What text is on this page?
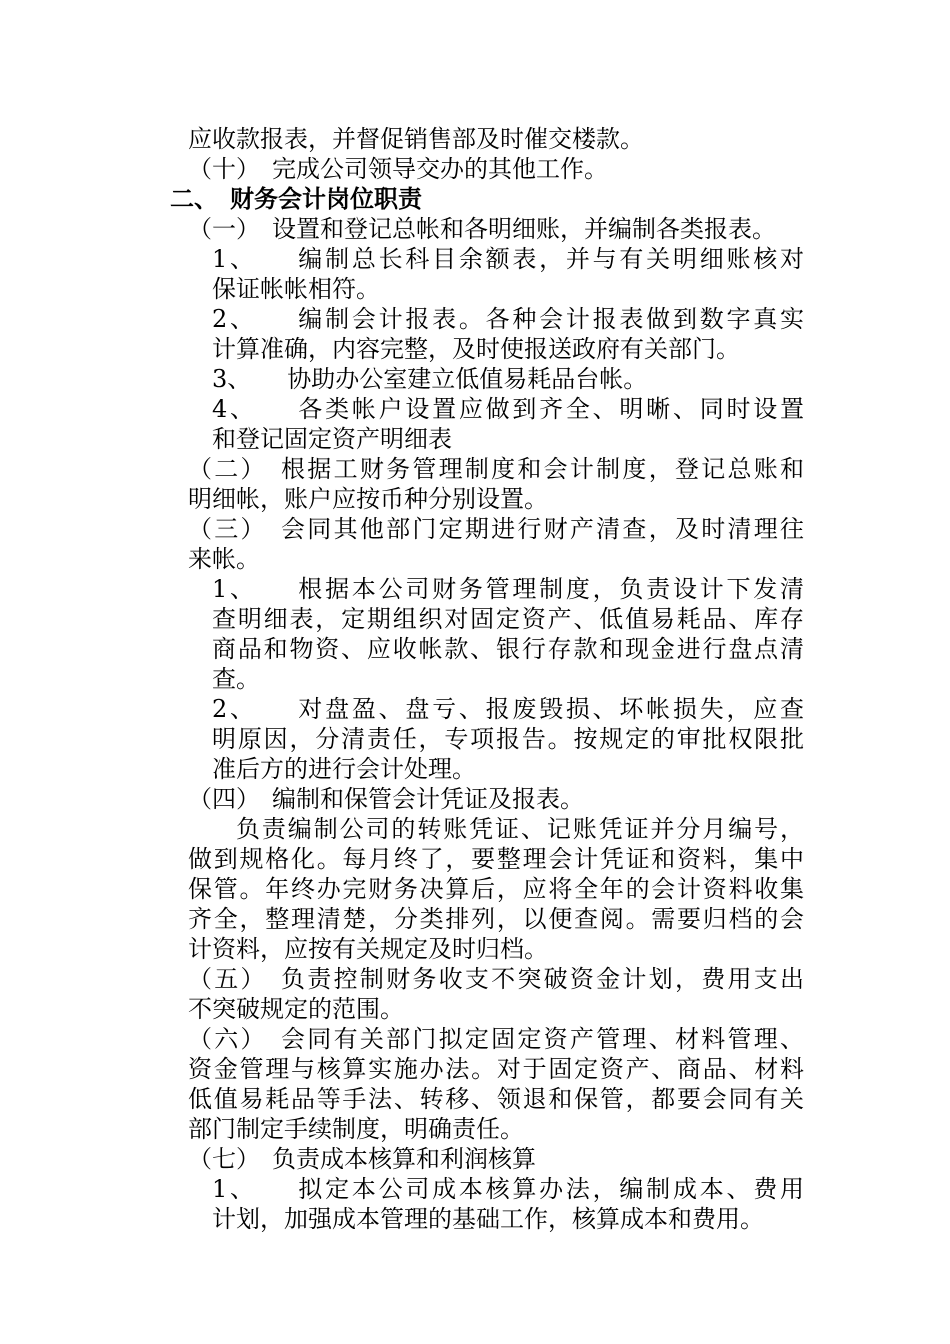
应收款报表，并督促销售部及时催交楼款。
（十）　完成公司领导交办的其他工作。
二、　财务会计岗位职责
（一）　设置和登记总帐和各明细账，并编制各类报表。
1、　　编制总长科目余额表，并与有关明细账核对
保证帐帐相符。
2、　　编制会计报表。各种会计报表做到数字真实
计算准确，内容完整，及时使报送政府有关部门。
3、　　协助办公室建立低值易耗品台帐。
4、　　各类帐户设置应做到齐全、明晰、同时设置
和登记固定资产明细表
（二）　根据工财务管理制度和会计制度，登记总账和
明细帐，账户应按币种分别设置。
（三）　会同其他部门定期进行财产清查，及时清理往
来帐。
1、　　根据本公司财务管理制度，负责设计下发清
查明细表，定期组织对固定资产、低值易耗品、库存
商品和物资、应收帐款、银行存款和现金进行盘点清
查。
2、　　对盘盈、盘亏、报废毁损、坏帐损失，应查
明原因，分清责任，专项报告。按规定的审批权限批
准后方的进行会计处理。
（四）　编制和保管会计凭证及报表。
负责编制公司的转账凭证、记账凭证并分月编号，
做到规格化。每月终了，要整理会计凭证和资料，集中
保管。年终办完财务决算后，应将全年的会计资料收集
齐全，整理清楚，分类排列，以便查阅。需要归档的会
计资料，应按有关规定及时归档。
（五）　负责控制财务收支不突破资金计划，费用支出
不突破规定的范围。
（六）　会同有关部门拟定固定资产管理、材料管理、
资金管理与核算实施办法。对于固定资产、商品、材料
低值易耗品等手法、转移、领退和保管，都要会同有关
部门制定手续制度，明确责任。
（七）　负责成本核算和利润核算
1、　　拟定本公司成本核算办法，编制成本、费用
计划，加强成本管理的基础工作，核算成本和费用。
